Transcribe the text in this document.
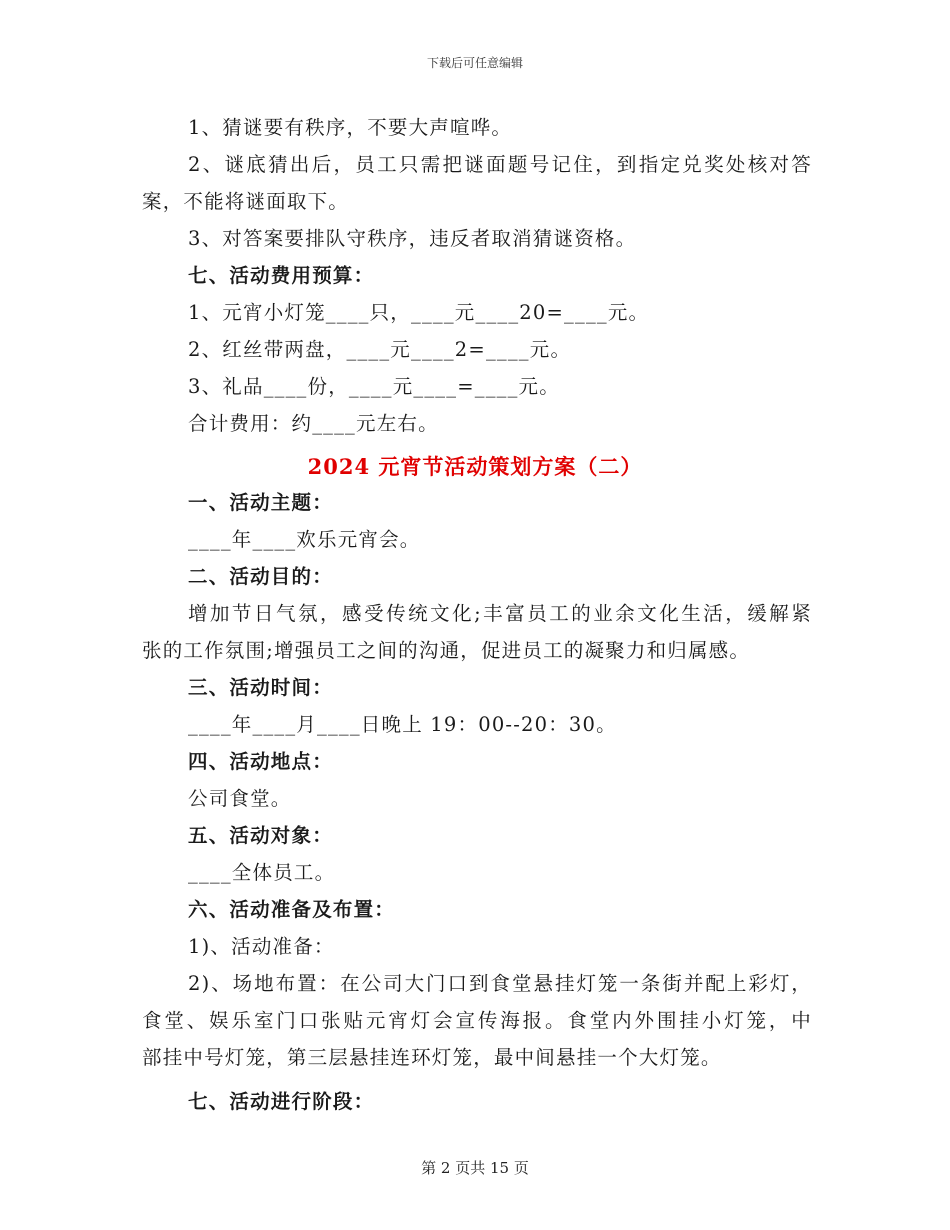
下载后可任意编辑
1、猜谜要有秩序，不要大声喧哗。
2、谜底猜出后，员工只需把谜面题号记住，到指定兑奖处核对答
案，不能将谜面取下。
3、对答案要排队守秩序，违反者取消猜谜资格。
七、活动费用预算：
1、元宵小灯笼____只，____元____20=____元。
2、红丝带两盘，____元____2=____元。
3、礼品____份，____元____=____元。
合计费用：约____元左右。
2024 元宵节活动策划方案（二）
一、活动主题：
____年____欢乐元宵会。
二、活动目的：
增加节日气氛，感受传统文化;丰富员工的业余文化生活，缓解紧
张的工作氛围;增强员工之间的沟通，促进员工的凝聚力和归属感。
三、活动时间：
____年____月____日晚上 19：00--20：30。
四、活动地点：
公司食堂。
五、活动对象：
____全体员工。
六、活动准备及布置：
1)、活动准备：
2)、场地布置：在公司大门口到食堂悬挂灯笼一条街并配上彩灯，
食堂、娱乐室门口张贴元宵灯会宣传海报。食堂内外围挂小灯笼，中
部挂中号灯笼，第三层悬挂连环灯笼，最中间悬挂一个大灯笼。
七、活动进行阶段：
第 2 页共 15 页
